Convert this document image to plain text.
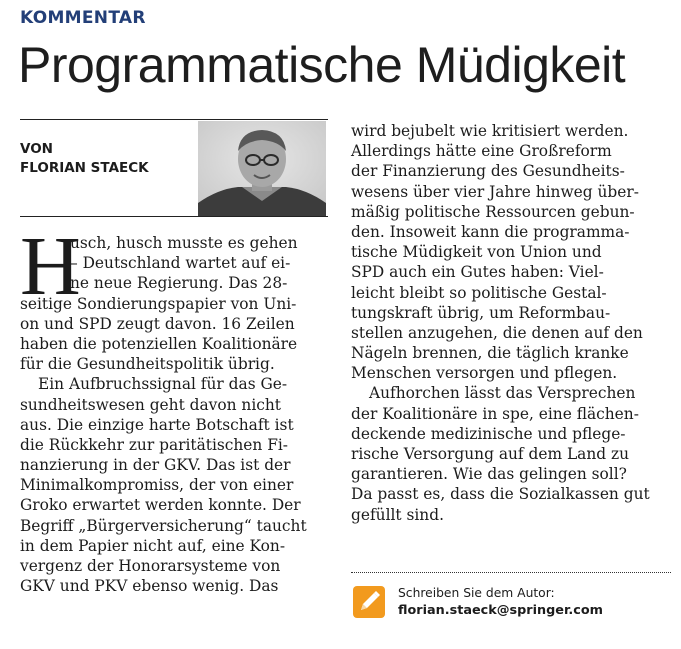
KOMMENTAR
Programmatische Müdigkeit
VON
FLORIAN STAECK
H
usch, husch musste es gehen
– Deutschland wartet auf ei-
ne neue Regierung. Das 28-
seitige Sondierungspapier von Uni-
on und SPD zeugt davon. 16 Zeilen
haben die potenziellen Koalitionäre
für die Gesundheitspolitik übrig.
Ein Aufbruchssignal für das Ge-
sundheitswesen geht davon nicht
aus. Die einzige harte Botschaft ist
die Rückkehr zur paritätischen Fi-
nanzierung in der GKV. Das ist der
Minimalkompromiss, der von einer
Groko erwartet werden konnte. Der
Begriff „Bürgerversicherung“ taucht
in dem Papier nicht auf, eine Kon-
vergenz der Honorarsysteme von
GKV und PKV ebenso wenig. Das
wird bejubelt wie kritisiert werden.
Allerdings hätte eine Großreform
der Finanzierung des Gesundheits-
wesens über vier Jahre hinweg über-
mäßig politische Ressourcen gebun-
den. Insoweit kann die programma-
tische Müdigkeit von Union und
SPD auch ein Gutes haben: Viel-
leicht bleibt so politische Gestal-
tungskraft übrig, um Reformbau-
stellen anzugehen, die denen auf den
Nägeln brennen, die täglich kranke
Menschen versorgen und pflegen.
Aufhorchen lässt das Versprechen
der Koalitionäre in spe, eine flächen-
deckende medizinische und pflege-
rische Versorgung auf dem Land zu
garantieren. Wie das gelingen soll?
Da passt es, dass die Sozialkassen gut
gefüllt sind.
Schreiben Sie dem Autor:
florian.staeck@springer.com
